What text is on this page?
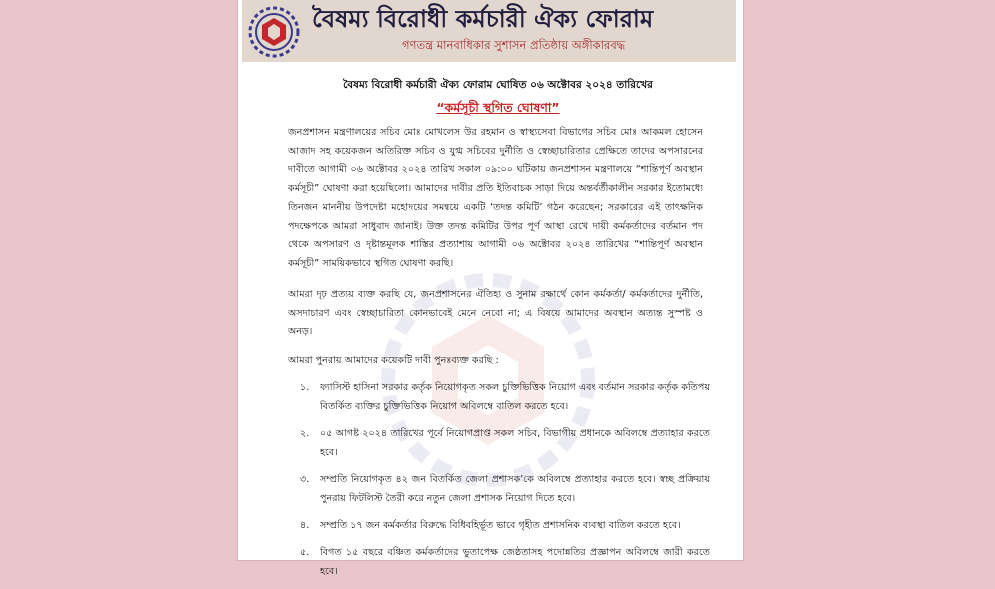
বৈষম্য বিরোধী কর্মচারী ঐক্য ফোরাম
গণতন্ত্র মানবাধিকার সুশাসন প্রতিষ্ঠায় অঙ্গীকারবদ্ধ
বৈষম্য বিরোধী কর্মচারী ঐক্য ফোরাম ঘোষিত ০৬ অক্টোবর ২০২৪ তারিখের
“কর্মসূচী স্থগিত ঘোষণা”
জনপ্রশাসন মন্ত্রণালয়ের সচিব মোঃ মোখলেস উর রহমান ও স্বাস্থ্যসেবা বিভাগের সচিব মোঃ আকমল হোসেন আজাদ সহ কয়েকজন অতিরিক্ত সচিব ও যুগ্ম সচিবের দুর্নীতি ও স্বেচ্ছাচারিতার প্রেক্ষিতে তাদের অপসারনের দাবীতে আগামী ০৬ অক্টোবর ২০২৪ তারিখ সকাল ০৯:০০ ঘটিকায় জনপ্রশাসন মন্ত্রণালয়ে “শান্তিপূর্ণ অবস্থান কর্মসূচী” ঘোষণা করা হয়েছিলো। আমাদের দাবীর প্রতি ইতিবাচক সাড়া দিয়ে অন্তর্বর্তীকালীন সরকার ইতোমধ্যে তিনজন মাননীয় উপদেষ্টা মহোদয়ের সমন্বয়ে একটি ‘তদন্ত কমিটি’ গঠন করেছেন; সরকারের এই তাৎক্ষনিক পদক্ষেপকে আমরা সাধুবাদ জানাই। উক্ত তদন্ত কমিটির উপর পূর্ণ আস্থা রেখে দায়ী কর্মকর্তাদের বর্তমান পদ থেকে অপসারণ ও দৃষ্টান্তমূলক শাস্তির প্রত্যাশায় আগামী ০৬ অক্টোবর ২০২৪ তারিখের “শান্তিপূর্ণ অবস্থান কর্মসূচী” সাময়িকভাবে স্থগিত ঘোষণা করছি।
আমরা দৃঢ় প্রত্যয় ব্যক্ত করছি যে, জনপ্রশাসনের ঐতিহ্য ও সুনাম রক্ষার্থে কোন কর্মকর্তা/ কর্মকর্তাদের দুর্নীতি, অসদাচারণ এবং স্বেচ্ছাচারিতা কোনভাবেই মেনে নেবো না; এ বিষয়ে আমাদের অবস্থান অত্যন্ত সুস্পষ্ট ও অনড়।
আমরা পুনরায় আমাদের কয়েকটি দাবী পুনঃব্যক্ত করছি :
১. ফ্যাসিস্ট হাসিনা সরকার কর্তৃক নিয়োগকৃত সকল চুক্তিভিত্তিক নিয়োগ এবং বর্তমান সরকার কর্তৃক কতিপয় বিতর্কিত ব্যক্তির চুক্তিভিত্তিক নিয়োগ অবিলম্বে বাতিল করতে হবে।
২. ০৫ আগষ্ট ২০২৪ তারিখের পূর্বে নিয়োগপ্রাপ্ত সকল সচিব, বিভাগীয় প্রধানকে অবিলম্বে প্রত্যাহার করতে হবে।
৩. সম্প্রতি নিয়োগকৃত ৪২ জন বিতর্কিত জেলা প্রশাসক’কে অবিলম্বে প্রত্যাহার করতে হবে। স্বচ্ছ প্রক্রিয়ায় পুনরায় ফিটলিস্ট তৈরী করে নতুন জেলা প্রশাসক নিয়োগ দিতে হবে।
৪. সম্প্রতি ১৭ জন কর্মকর্তার বিরুদ্ধে বিধিবহির্ভূত ভাবে গৃহীত প্রশাসনিক ব্যবস্থা বাতিল করতে হবে।
৫. বিগত ১৫ বছরে বঞ্চিত কর্মকর্তাদের ভুতাপেক্ষ জেষ্ঠতাসহ পদোন্নতির প্রজ্ঞাপন অবিলম্বে জারী করতে হবে।
